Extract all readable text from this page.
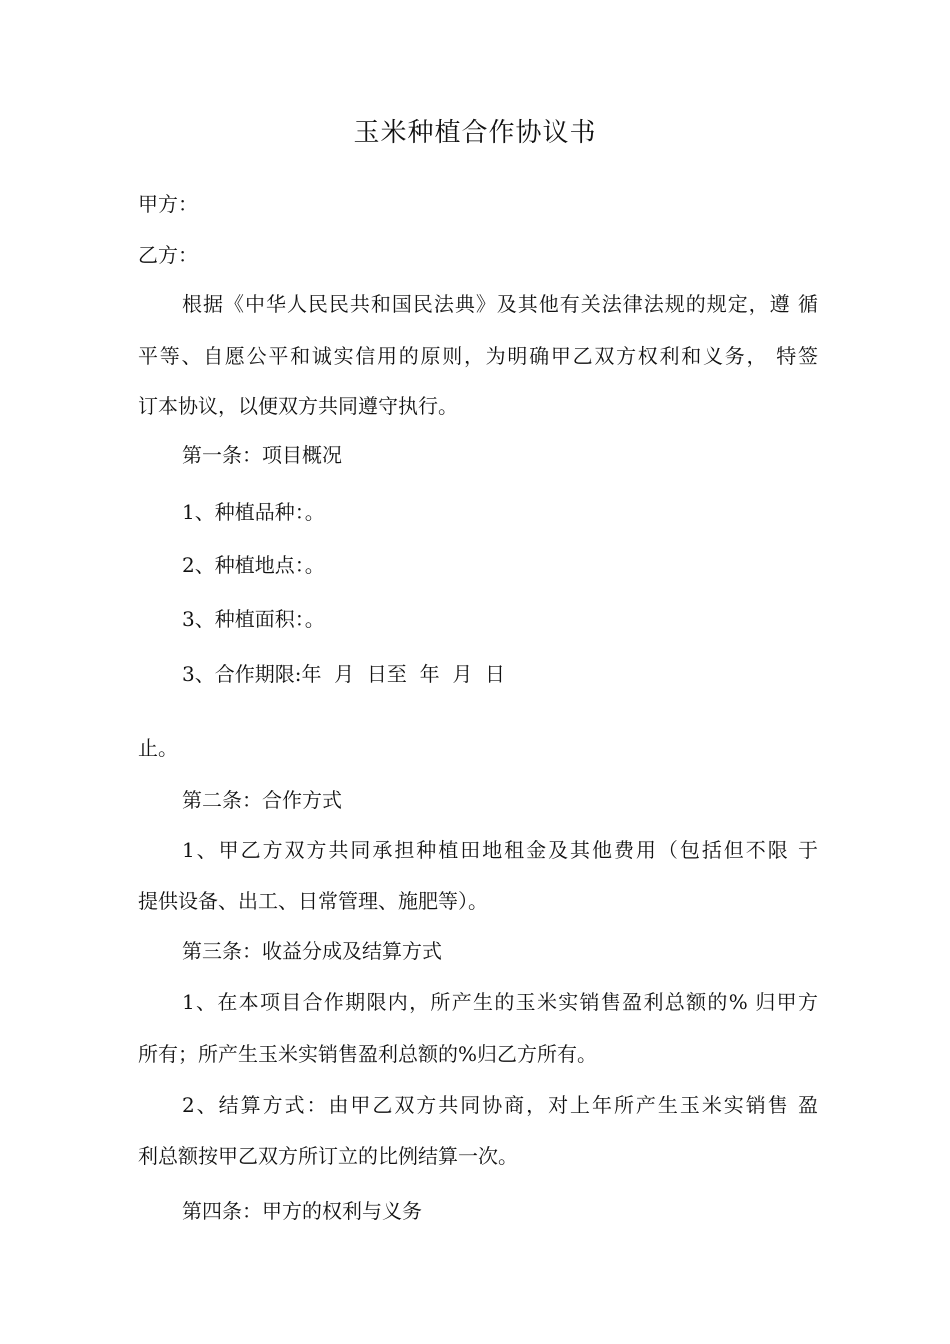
玉米种植合作协议书
甲方：
乙方：
根据《中华人民民共和国民法典》及其他有关法律法规的规定，遵 循
平等、自愿公平和诚实信用的原则，为明确甲乙双方权利和义务， 特签
订本协议，以便双方共同遵守执行。
第一条：项目概况
1、种植品种：。
2、种植地点：。
3、种植面积：。
3、合作期限:年  月  日至  年  月  日
止。
第二条：合作方式
1、甲乙方双方共同承担种植田地租金及其他费用（包括但不限 于
提供设备、出工、日常管理、施肥等）。
第三条：收益分成及结算方式
1、在本项目合作期限内，所产生的玉米实销售盈利总额的% 归甲方
所有；所产生玉米实销售盈利总额的%归乙方所有。
2、结算方式：由甲乙双方共同协商，对上年所产生玉米实销售 盈
利总额按甲乙双方所订立的比例结算一次。
第四条：甲方的权利与义务
